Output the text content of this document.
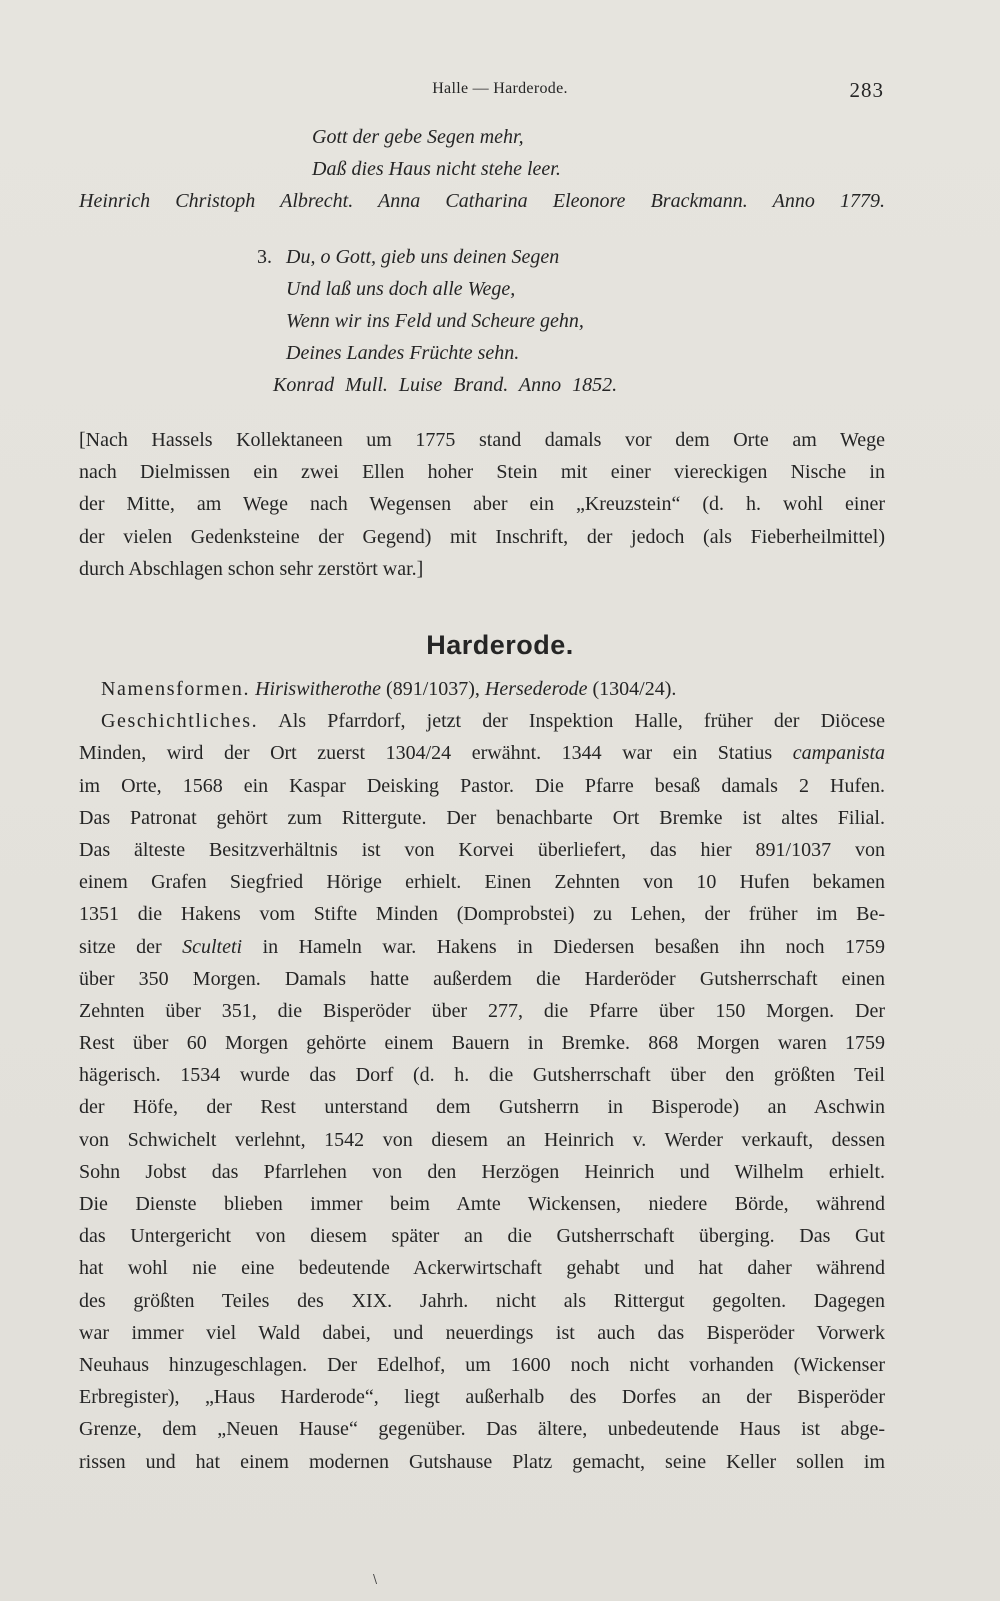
Halle — Harderode.	283
Gott der gebe Segen mehr,
Daß dies Haus nicht stehe leer.
Heinrich Christoph Albrecht. Anna Catharina Eleonore Brackmann. Anno 1779.
3. Du, o Gott, gieb uns deinen Segen
Und laß uns doch alle Wege,
Wenn wir ins Feld und Scheure gehn,
Deines Landes Früchte sehn.
Konrad Mull. Luise Brand. Anno 1852.
[Nach Hassels Kollektaneen um 1775 stand damals vor dem Orte am Wege
nach Dielmissen ein zwei Ellen hoher Stein mit einer viereckigen Nische in
der Mitte, am Wege nach Wegensen aber ein „Kreuzstein“ (d. h. wohl einer
der vielen Gedenksteine der Gegend) mit Inschrift, der jedoch (als Fieberheilmittel)
durch Abschlagen schon sehr zerstört war.]
Harderode.
Namensformen. Hiriswitherothe (891/1037), Hersederode (1304/24).
Geschichtliches. Als Pfarrdorf, jetzt der Inspektion Halle, früher der Diöcese
Minden, wird der Ort zuerst 1304/24 erwähnt. 1344 war ein Statius campanista
im Orte, 1568 ein Kaspar Deisking Pastor. Die Pfarre besaß damals 2 Hufen.
Das Patronat gehört zum Rittergute. Der benachbarte Ort Bremke ist altes Filial.
Das älteste Besitzverhältnis ist von Korvei überliefert, das hier 891/1037 von
einem Grafen Siegfried Hörige erhielt. Einen Zehnten von 10 Hufen bekamen
1351 die Hakens vom Stifte Minden (Domprobstei) zu Lehen, der früher im Be-
sitze der Sculteti in Hameln war. Hakens in Diedersen besaßen ihn noch 1759
über 350 Morgen. Damals hatte außerdem die Harderöder Gutsherrschaft einen
Zehnten über 351, die Bisperöder über 277, die Pfarre über 150 Morgen. Der
Rest über 60 Morgen gehörte einem Bauern in Bremke. 868 Morgen waren 1759
hägerisch. 1534 wurde das Dorf (d. h. die Gutsherrschaft über den größten Teil
der Höfe, der Rest unterstand dem Gutsherrn in Bisperode) an Aschwin
von Schwichelt verlehnt, 1542 von diesem an Heinrich v. Werder verkauft, dessen
Sohn Jobst das Pfarrlehen von den Herzögen Heinrich und Wilhelm erhielt.
Die Dienste blieben immer beim Amte Wickensen, niedere Börde, während
das Untergericht von diesem später an die Gutsherrschaft überging. Das Gut
hat wohl nie eine bedeutende Ackerwirtschaft gehabt und hat daher während
des größten Teiles des XIX. Jahrh. nicht als Rittergut gegolten. Dagegen
war immer viel Wald dabei, und neuerdings ist auch das Bisperöder Vorwerk
Neuhaus hinzugeschlagen. Der Edelhof, um 1600 noch nicht vorhanden (Wickenser
Erbregister), „Haus Harderode“, liegt außerhalb des Dorfes an der Bisperöder
Grenze, dem „Neuen Hause“ gegenüber. Das ältere, unbedeutende Haus ist abge-
rissen und hat einem modernen Gutshause Platz gemacht, seine Keller sollen im
\
